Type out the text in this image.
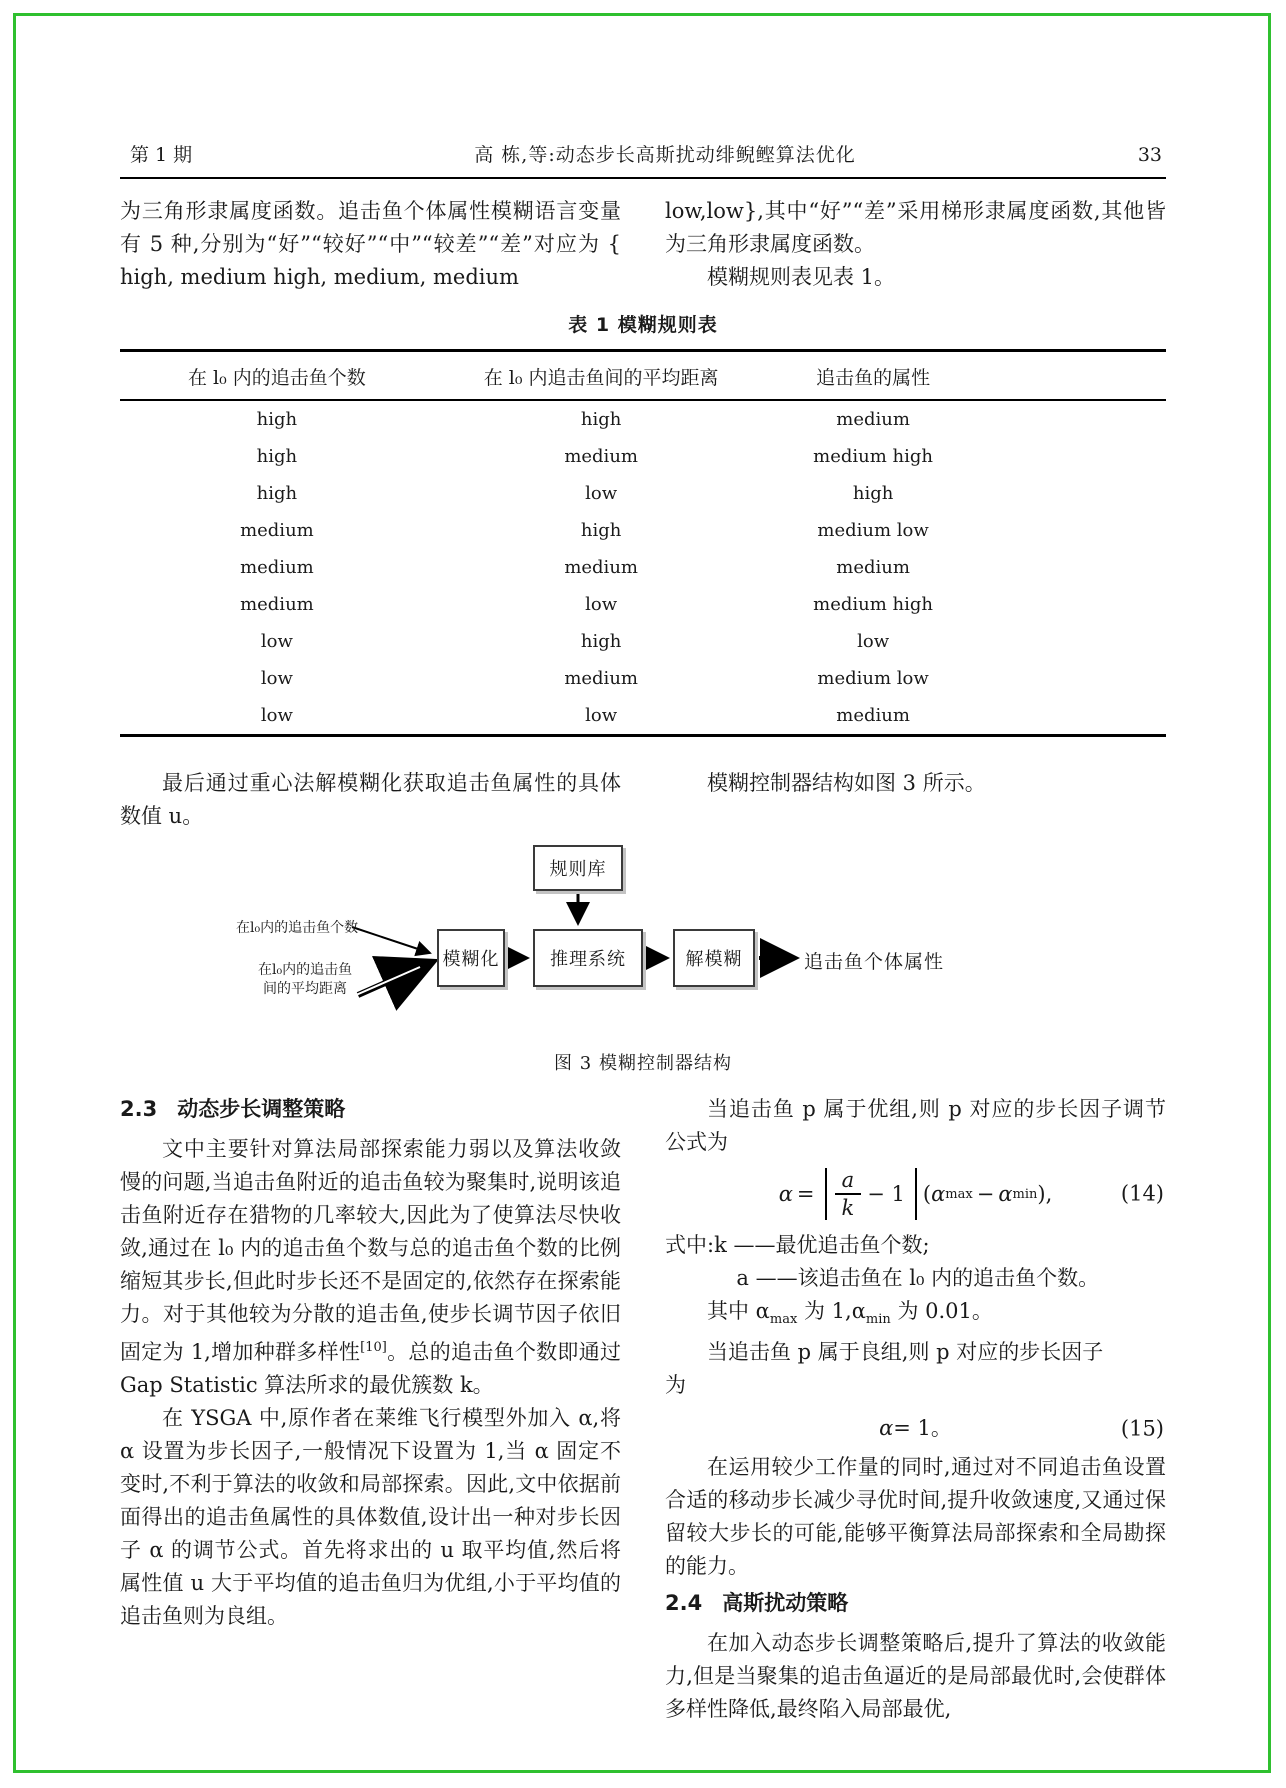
第 1 期	高 栋,等:动态步长高斯扰动绯鲵鲣算法优化	33

为三角形隶属度函数。追击鱼个体属性模糊语言变量有 5 种,分别为“好”“较好”“中”“较差”“差”对应为 { high, medium high, medium, medium

low,low},其中“好”“差”采用梯形隶属度函数,其他皆为三角形隶属度函数。

模糊规则表见表 1。

表 1 模糊规则表
在 l₀ 内的追击鱼个数	在 l₀ 内追击鱼间的平均距离	追击鱼的属性	
high	high	medium	
high	medium	medium high	
high	low	high	
medium	high	medium low	
medium	medium	medium	
medium	low	medium high	
low	high	low	
low	medium	medium low	
low	low	medium	

最后通过重心法解模糊化获取追击鱼属性的具体数值 u。

模糊控制器结构如图 3 所示。

规则库
模糊化	推理系统	解模糊
在l₀内的追击鱼个数
在l₀内的追击鱼
间的平均距离
追击鱼个体属性
图 3 模糊控制器结构
2.3 动态步长调整策略

文中主要针对算法局部探索能力弱以及算法收敛慢的问题,当追击鱼附近的追击鱼较为聚集时,说明该追击鱼附近存在猎物的几率较大,因此为了使算法尽快收敛,通过在 l₀ 内的追击鱼个数与总的追击鱼个数的比例缩短其步长,但此时步长还不是固定的,依然存在探索能力。对于其他较为分散的追击鱼,使步长调节因子依旧固定为 1,增加种群多样性[10]。总的追击鱼个数即通过 Gap Statistic 算法所求的最优簇数 k。

在 YSGA 中,原作者在莱维飞行模型外加入 α,将 α 设置为步长因子,一般情况下设置为 1,当 α 固定不变时,不利于算法的收敛和局部探索。因此,文中依据前面得出的追击鱼属性的具体数值,设计出一种对步长因子 α 的调节公式。首先将求出的 u 取平均值,然后将属性值 u 大于平均值的追击鱼归为优组,小于平均值的追击鱼则为良组。

当追击鱼 p 属于优组,则 p 对应的步长因子调节公式为

$\alpha = \frac{a}{k} - 1$ ( α max − α min ),	(14)

式中:k ——最优追击鱼个数;

a ——该追击鱼在 l₀ 内的追击鱼个数。

其中 $\alpha_{max}$ 为 $1,\alpha_{min}$ 为 0.01。

当追击鱼 p 属于良组,则 p 对应的步长因子

为

α = 1。	(15)

在运用较少工作量的同时,通过对不同追击鱼设置合适的移动步长减少寻优时间,提升收敛速度,又通过保留较大步长的可能,能够平衡算法局部探索和全局勘探的能力。

2.4 高斯扰动策略

在加入动态步长调整策略后,提升了算法的收敛能力,但是当聚集的追击鱼逼近的是局部最优时,会使群体多样性降低,最终陷入局部最优,
